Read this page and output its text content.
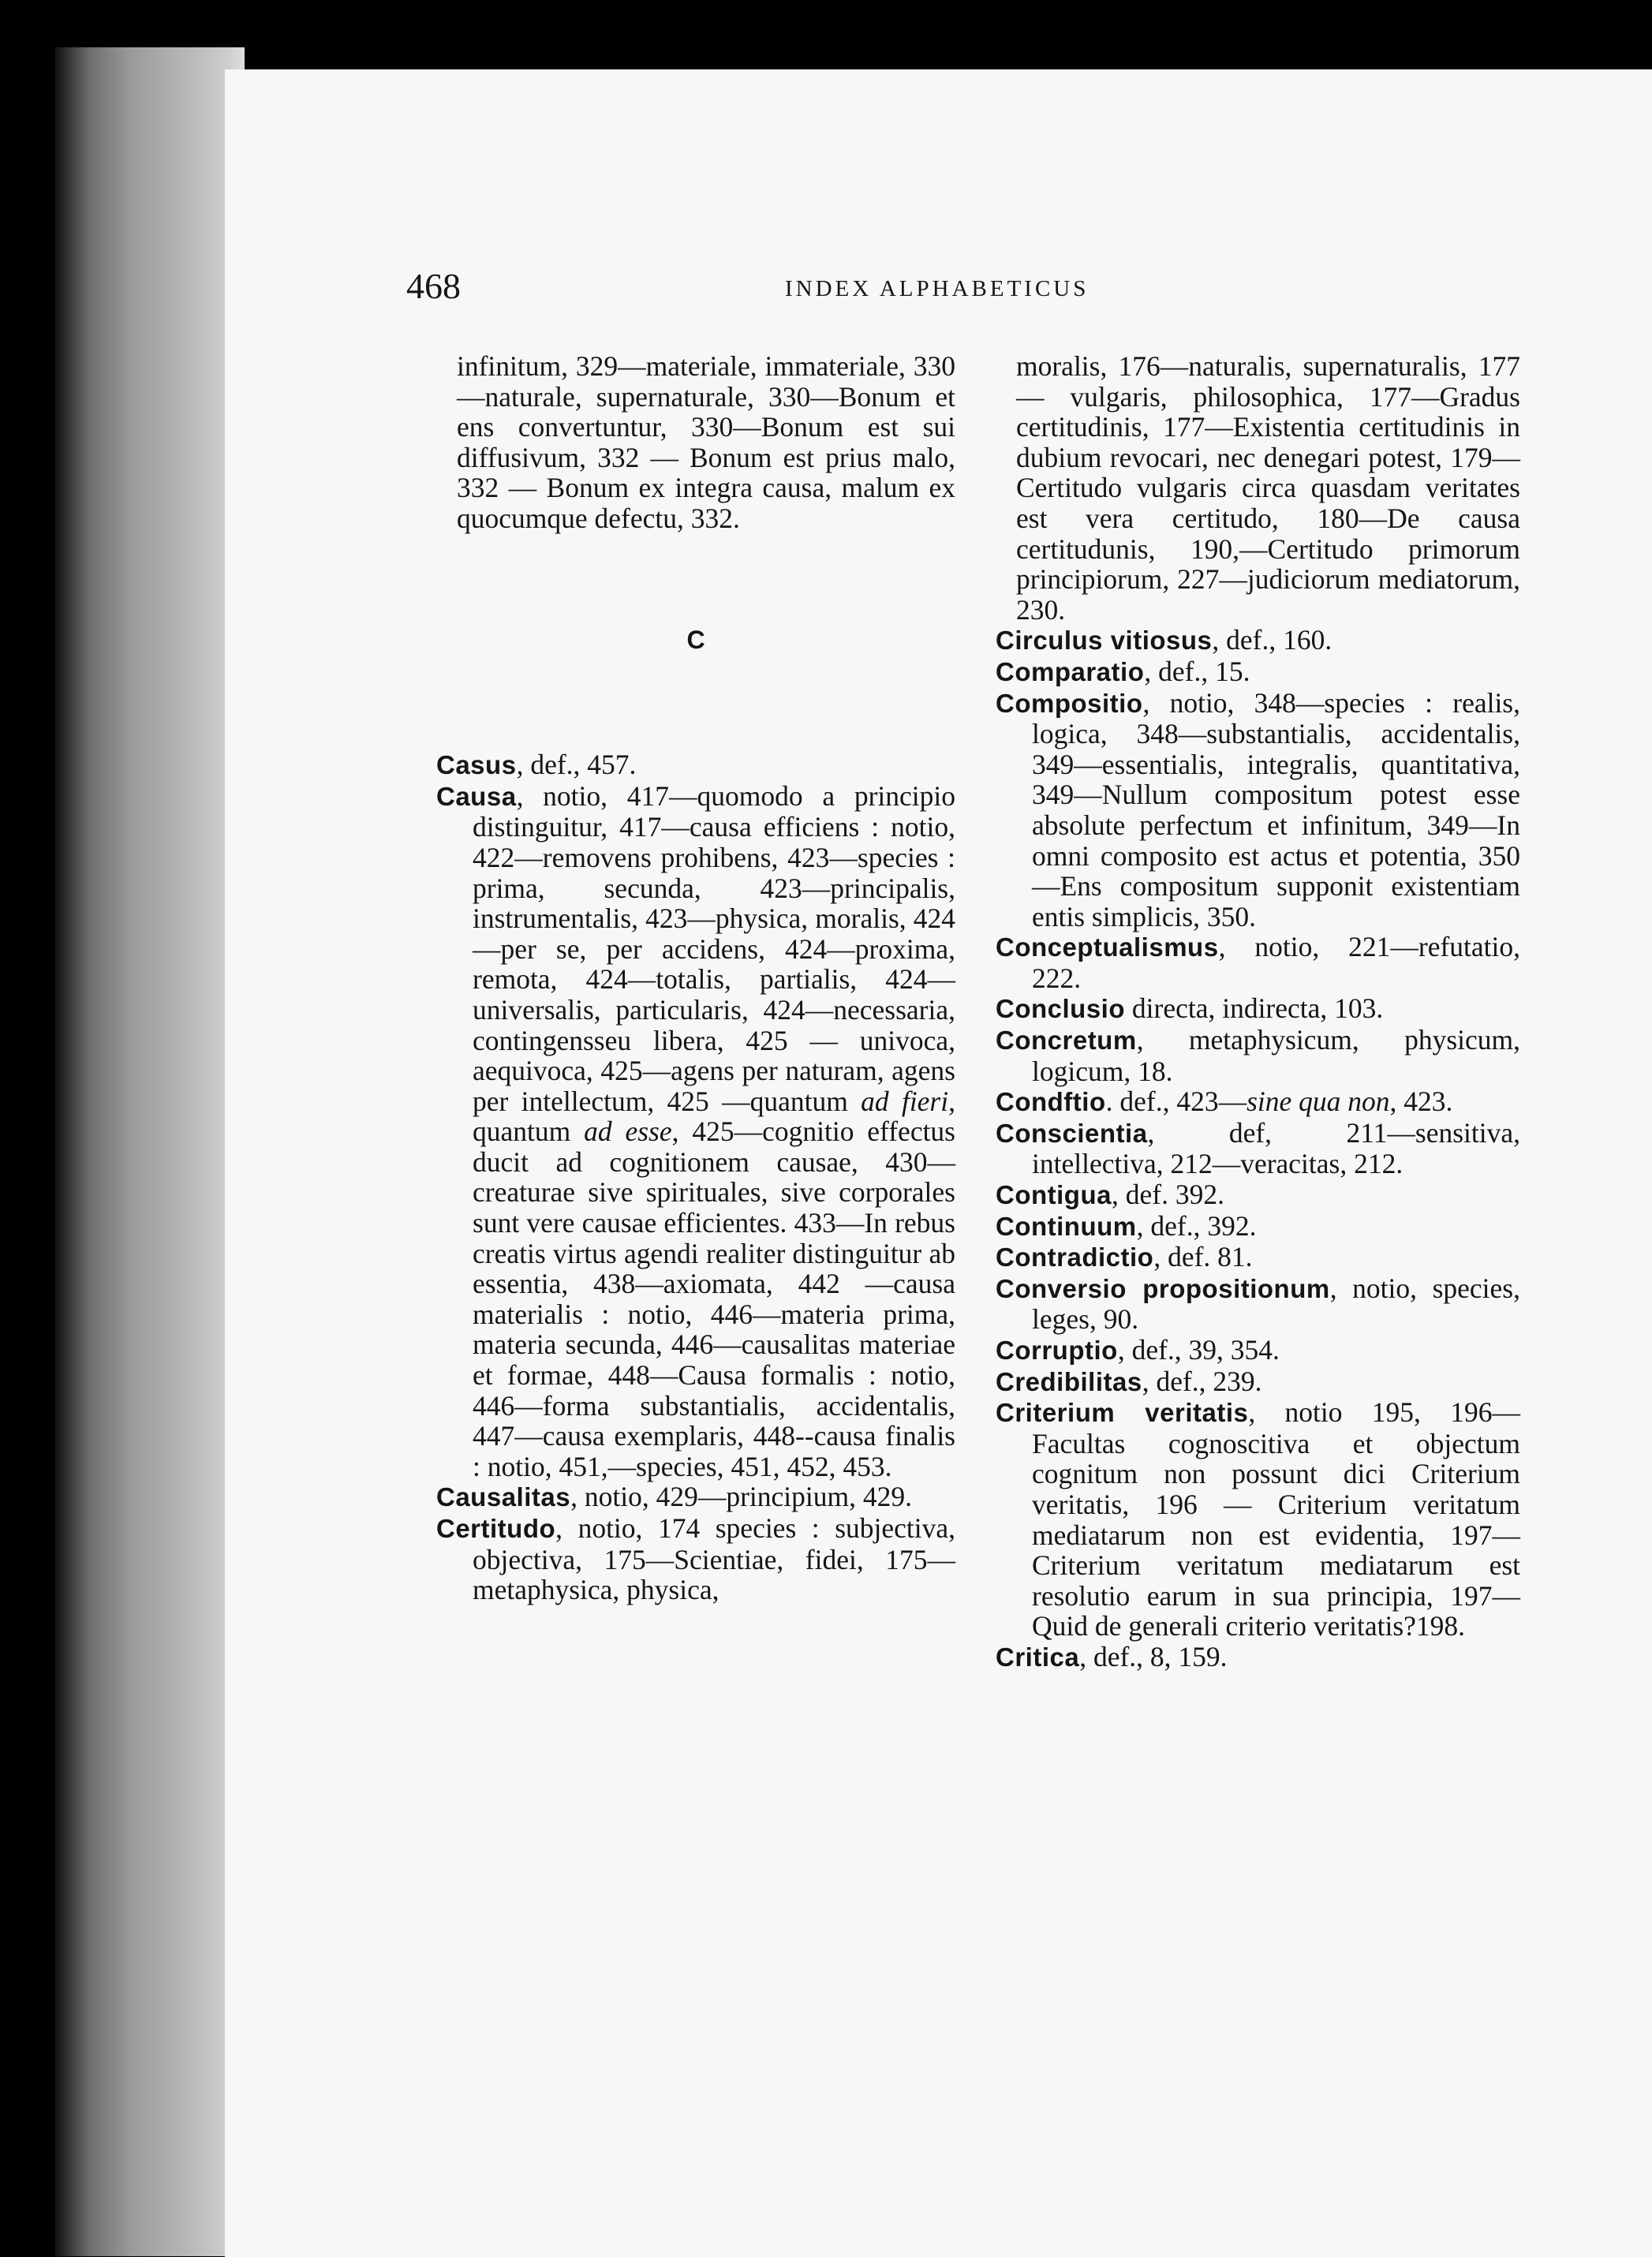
468	INDEX ALPHABETICUS

infinitum, 329—materiale, immateriale, 330—naturale, supernaturale, 330—Bonum et ens convertuntur, 330—Bonum est sui diffusivum, 332 — Bonum est prius malo, 332 — Bonum ex integra causa, malum ex quocumque defectu, 332.

C

Casus, def., 457.

Causa, notio, 417—quomodo a principio distinguitur, 417—causa efficiens : notio, 422—removens prohibens, 423—species : prima, secunda, 423—principalis, instrumentalis, 423—physica, moralis, 424—per se, per accidens, 424—proxima, remota, 424—totalis, partialis, 424—universalis, particularis, 424—necessaria, contingensseu libera, 425 — univoca, aequivoca, 425—agens per naturam, agens per intellectum, 425 —quantum ad fieri, quantum ad esse, 425—cognitio effectus ducit ad cognitionem causae, 430—creaturae sive spirituales, sive corporales sunt vere causae efficientes. 433—In rebus creatis virtus agendi realiter distinguitur ab essentia, 438—axiomata, 442 —causa materialis : notio, 446—materia prima, materia secunda, 446—causalitas materiae et formae, 448—Causa formalis : notio, 446—forma substantialis, accidentalis, 447—causa exemplaris, 448--causa finalis : notio, 451,—species, 451, 452, 453.

Causalitas, notio, 429—principium, 429.

Certitudo, notio, 174 species : subjectiva, objectiva, 175—Scientiae, fidei, 175—metaphysica, physica,

moralis, 176—naturalis, supernaturalis, 177 — vulgaris, philosophica, 177—Gradus certitudinis, 177—Existentia certitudinis in dubium revocari, nec denegari potest, 179—Certitudo vulgaris circa quasdam veritates est vera certitudo, 180—De causa certitudunis, 190,—Certitudo primorum principiorum, 227—judiciorum mediatorum, 230.

Circulus vitiosus, def., 160.

Comparatio, def., 15.

Compositio, notio, 348—species : realis, logica, 348—substantialis, accidentalis, 349—essentialis, integralis, quantitativa, 349—Nullum compositum potest esse absolute perfectum et infinitum, 349—In omni composito est actus et potentia, 350—Ens compositum supponit existentiam entis simplicis, 350.

Conceptualismus, notio, 221—refutatio, 222.

Conclusio directa, indirecta, 103.

Concretum, metaphysicum, physicum, logicum, 18.

Condftio. def., 423—sine qua non, 423.

Conscientia, def, 211—sensitiva, intellectiva, 212—veracitas, 212.

Contigua, def. 392.

Continuum, def., 392.

Contradictio, def. 81.

Conversio propositionum, notio, species, leges, 90.

Corruptio, def., 39, 354.

Credibilitas, def., 239.

Criterium veritatis, notio 195, 196—Facultas cognoscitiva et objectum cognitum non possunt dici Criterium veritatis, 196 — Criterium veritatum mediatarum non est evidentia, 197—Criterium veritatum mediatarum est resolutio earum in sua principia, 197—Quid de generali criterio veritatis?198.

Critica, def., 8, 159.
